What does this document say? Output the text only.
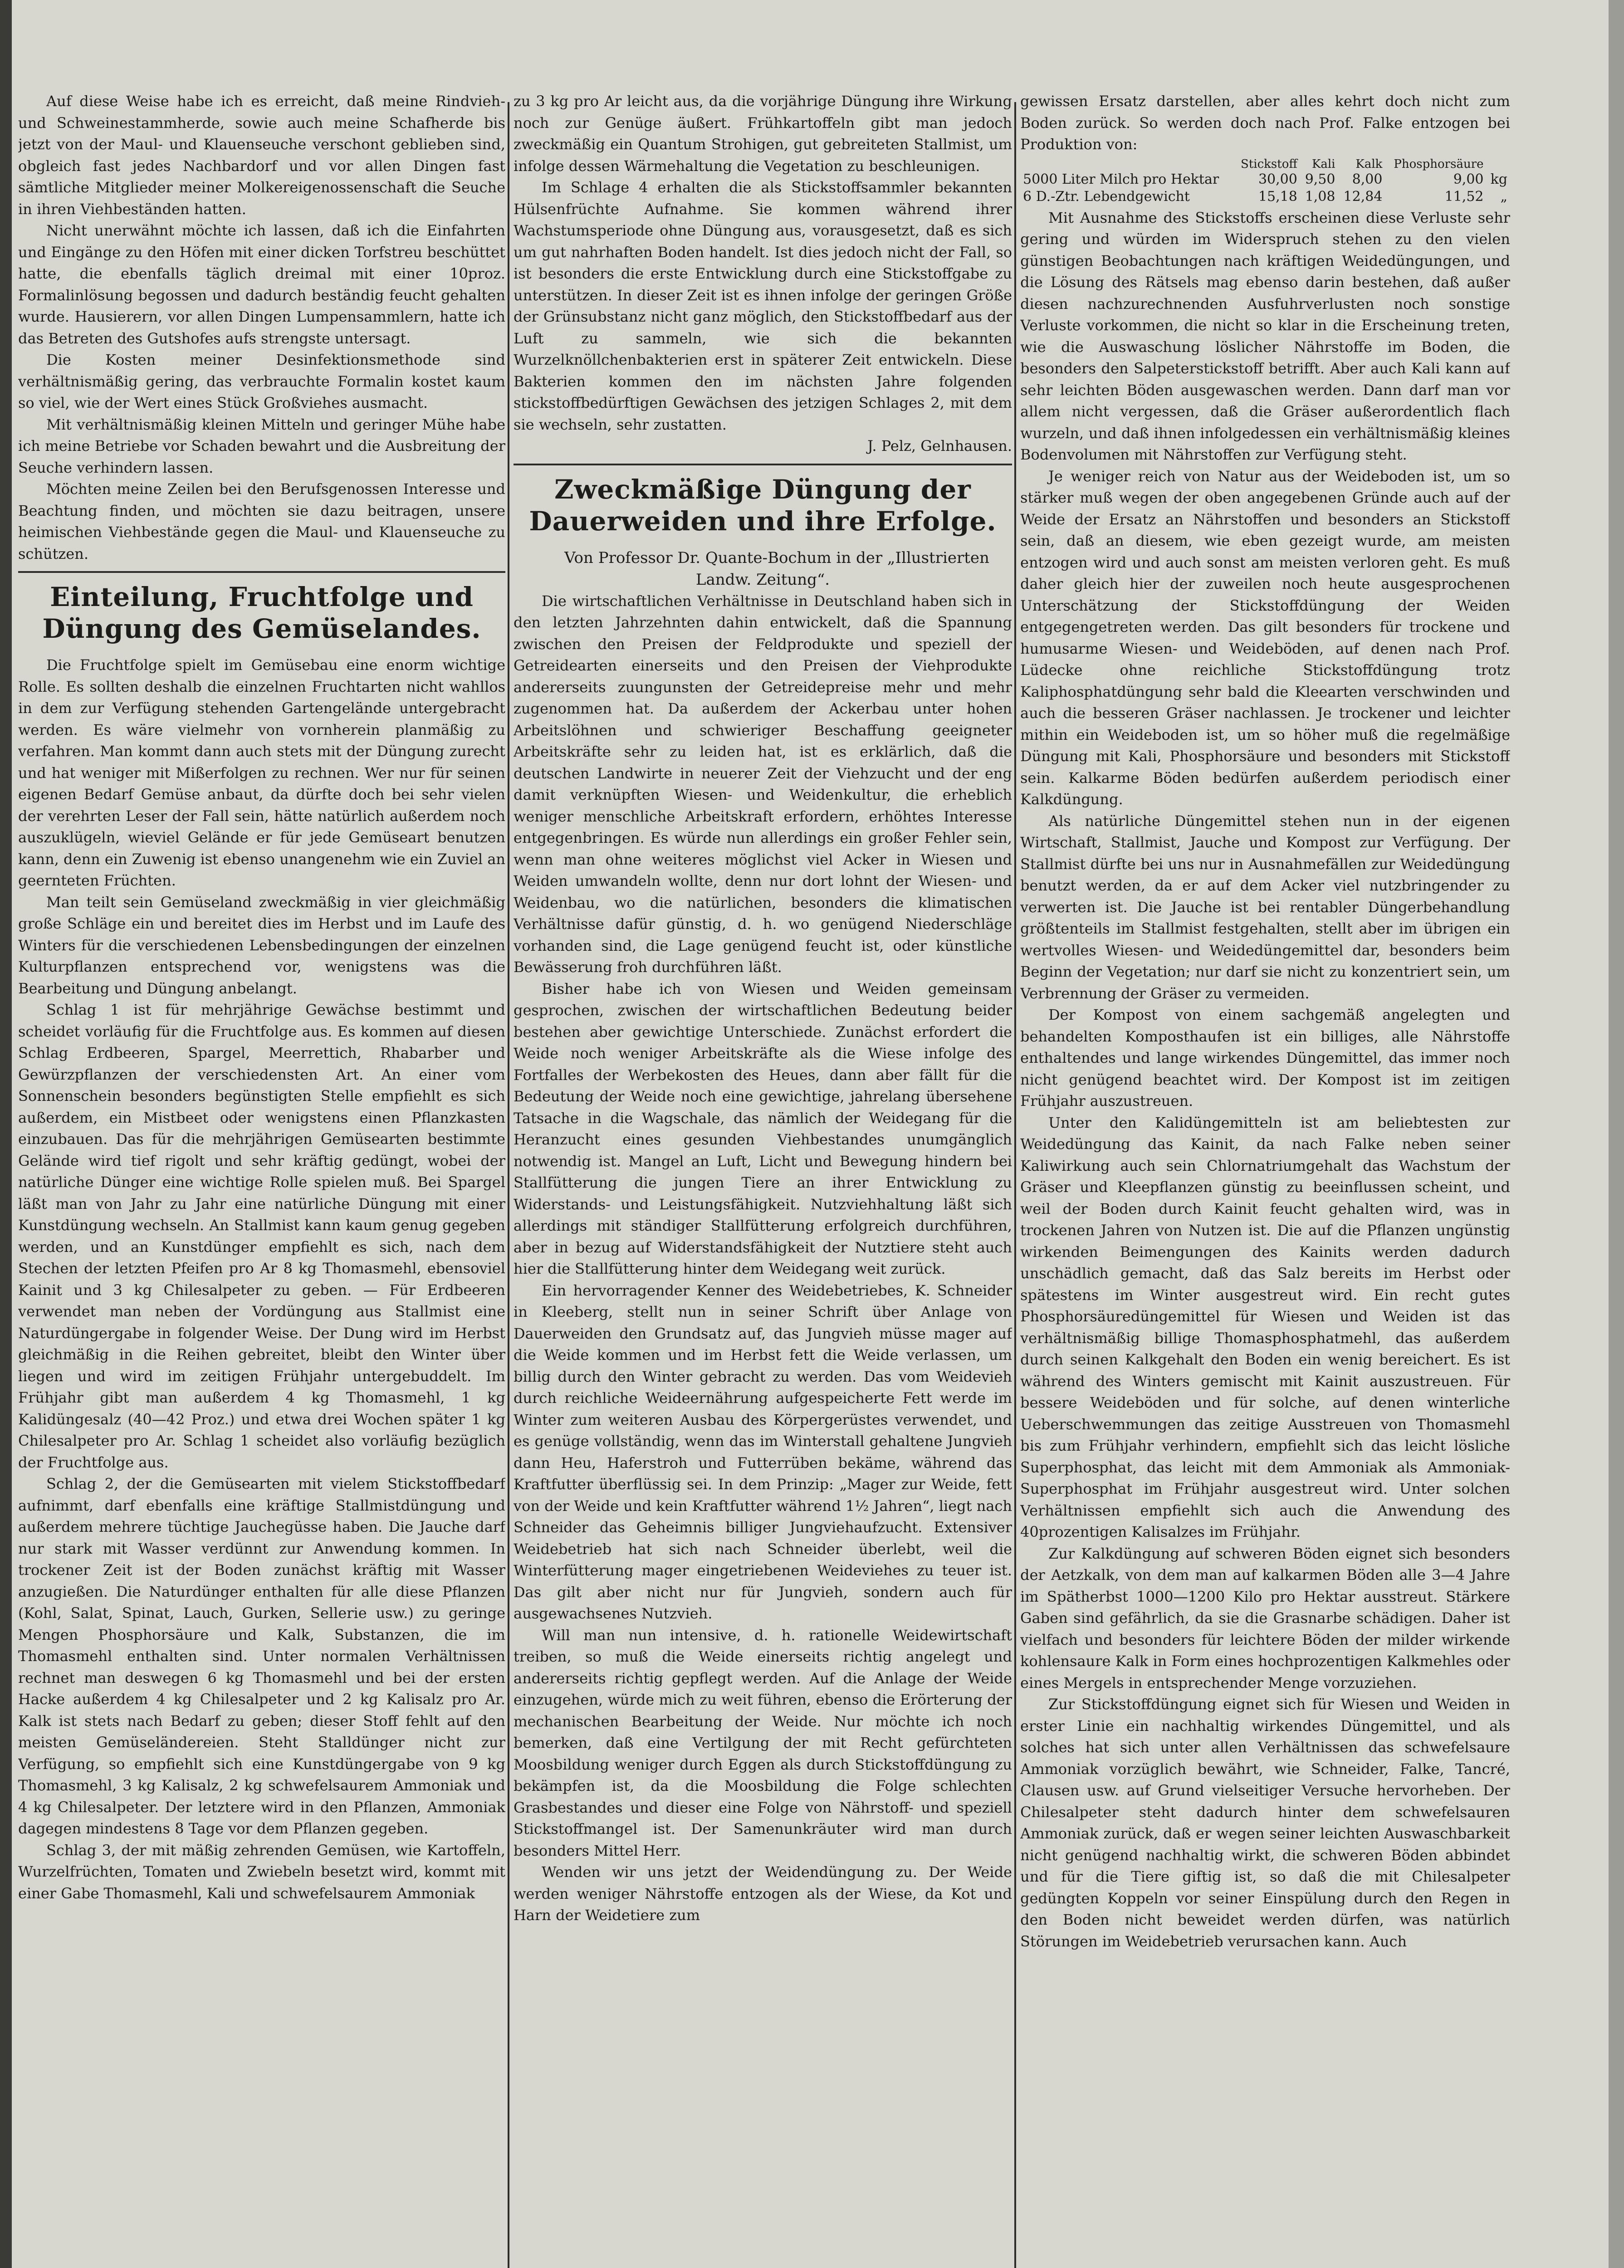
Auf diese Weise habe ich es erreicht, daß meine Rindvieh- und Schweinestammherde, sowie auch meine Schafherde bis jetzt von der Maul- und Klauenseuche verschont geblieben sind, obgleich fast jedes Nachbardorf und vor allen Dingen fast sämtliche Mitglieder meiner Molkereigenossenschaft die Seuche in ihren Viehbeständen hatten.

Nicht unerwähnt möchte ich lassen, daß ich die Einfahrten und Eingänge zu den Höfen mit einer dicken Torfstreu beschüttet hatte, die ebenfalls täglich dreimal mit einer 10proz. Formalinlösung begossen und dadurch beständig feucht gehalten wurde. Hausierern, vor allen Dingen Lumpensammlern, hatte ich das Betreten des Gutshofes aufs strengste untersagt.

Die Kosten meiner Desinfektionsmethode sind verhältnismäßig gering, das verbrauchte Formalin kostet kaum so viel, wie der Wert eines Stück Großviehes ausmacht.

Mit verhältnismäßig kleinen Mitteln und geringer Mühe habe ich meine Betriebe vor Schaden bewahrt und die Ausbreitung der Seuche verhindern lassen.

Möchten meine Zeilen bei den Berufsgenossen Interesse und Beachtung finden, und möchten sie dazu beitragen, unsere heimischen Viehbestände gegen die Maul- und Klauenseuche zu schützen.

Einteilung, Fruchtfolge und Düngung des Gemüselandes.

Die Fruchtfolge spielt im Gemüsebau eine enorm wichtige Rolle. Es sollten deshalb die einzelnen Fruchtarten nicht wahllos in dem zur Verfügung stehenden Gartengelände untergebracht werden. Es wäre vielmehr von vornherein planmäßig zu verfahren. Man kommt dann auch stets mit der Düngung zurecht und hat weniger mit Mißerfolgen zu rechnen. Wer nur für seinen eigenen Bedarf Gemüse anbaut, da dürfte doch bei sehr vielen der verehrten Leser der Fall sein, hätte natürlich außerdem noch auszuklügeln, wieviel Gelände er für jede Gemüseart benutzen kann, denn ein Zuwenig ist ebenso unangenehm wie ein Zuviel an geernteten Früchten.

Man teilt sein Gemüseland zweckmäßig in vier gleichmäßig große Schläge ein und bereitet dies im Herbst und im Laufe des Winters für die verschiedenen Lebensbedingungen der einzelnen Kulturpflanzen entsprechend vor, wenigstens was die Bearbeitung und Düngung anbelangt.

Schlag 1 ist für mehrjährige Gewächse bestimmt und scheidet vorläufig für die Fruchtfolge aus. Es kommen auf diesen Schlag Erdbeeren, Spargel, Meerrettich, Rhabarber und Gewürzpflanzen der verschiedensten Art. An einer vom Sonnenschein besonders begünstigten Stelle empfiehlt es sich außerdem, ein Mistbeet oder wenigstens einen Pflanzkasten einzubauen. Das für die mehrjährigen Gemüsearten bestimmte Gelände wird tief rigolt und sehr kräftig gedüngt, wobei der natürliche Dünger eine wichtige Rolle spielen muß. Bei Spargel läßt man von Jahr zu Jahr eine natürliche Düngung mit einer Kunstdüngung wechseln. An Stallmist kann kaum genug gegeben werden, und an Kunstdünger empfiehlt es sich, nach dem Stechen der letzten Pfeifen pro Ar 8 kg Thomasmehl, ebensoviel Kainit und 3 kg Chilesalpeter zu geben. — Für Erdbeeren verwendet man neben der Vordüngung aus Stallmist eine Naturdüngergabe in folgender Weise. Der Dung wird im Herbst gleichmäßig in die Reihen gebreitet, bleibt den Winter über liegen und wird im zeitigen Frühjahr untergebuddelt. Im Frühjahr gibt man außerdem 4 kg Thomasmehl, 1 kg Kalidüngesalz (40—42 Proz.) und etwa drei Wochen später 1 kg Chilesalpeter pro Ar. Schlag 1 scheidet also vorläufig bezüglich der Fruchtfolge aus.

Schlag 2, der die Gemüsearten mit vielem Stickstoffbedarf aufnimmt, darf ebenfalls eine kräftige Stallmistdüngung und außerdem mehrere tüchtige Jauchegüsse haben. Die Jauche darf nur stark mit Wasser verdünnt zur Anwendung kommen. In trockener Zeit ist der Boden zunächst kräftig mit Wasser anzugießen. Die Naturdünger enthalten für alle diese Pflanzen (Kohl, Salat, Spinat, Lauch, Gurken, Sellerie usw.) zu geringe Mengen Phosphorsäure und Kalk, Substanzen, die im Thomasmehl enthalten sind. Unter normalen Verhältnissen rechnet man deswegen 6 kg Thomasmehl und bei der ersten Hacke außerdem 4 kg Chilesalpeter und 2 kg Kalisalz pro Ar. Kalk ist stets nach Bedarf zu geben; dieser Stoff fehlt auf den meisten Gemüseländereien. Steht Stalldünger nicht zur Verfügung, so empfiehlt sich eine Kunstdüngergabe von 9 kg Thomasmehl, 3 kg Kalisalz, 2 kg schwefelsaurem Ammoniak und 4 kg Chilesalpeter. Der letztere wird in den Pflanzen, Ammoniak dagegen mindestens 8 Tage vor dem Pflanzen gegeben.

Schlag 3, der mit mäßig zehrenden Gemüsen, wie Kartoffeln, Wurzelfrüchten, Tomaten und Zwiebeln besetzt wird, kommt mit einer Gabe Thomasmehl, Kali und schwefelsaurem Ammoniak

zu 3 kg pro Ar leicht aus, da die vorjährige Düngung ihre Wirkung noch zur Genüge äußert. Frühkartoffeln gibt man jedoch zweckmäßig ein Quantum Strohigen, gut gebreiteten Stallmist, um infolge dessen Wärmehaltung die Vegetation zu beschleunigen.

Im Schlage 4 erhalten die als Stickstoffsammler bekannten Hülsenfrüchte Aufnahme. Sie kommen während ihrer Wachstumsperiode ohne Düngung aus, vorausgesetzt, daß es sich um gut nahrhaften Boden handelt. Ist dies jedoch nicht der Fall, so ist besonders die erste Entwicklung durch eine Stickstoffgabe zu unterstützen. In dieser Zeit ist es ihnen infolge der geringen Größe der Grünsubstanz nicht ganz möglich, den Stickstoffbedarf aus der Luft zu sammeln, wie sich die bekannten Wurzelknöllchenbakterien erst in späterer Zeit entwickeln. Diese Bakterien kommen den im nächsten Jahre folgenden stickstoffbedürftigen Gewächsen des jetzigen Schlages 2, mit dem sie wechseln, sehr zustatten.

J. Pelz, Gelnhausen.

Zweckmäßige Düngung der Dauerweiden und ihre Erfolge.

Von Professor Dr. Quante-Bochum in der „Illustrierten Landw. Zeitung“.

Die wirtschaftlichen Verhältnisse in Deutschland haben sich in den letzten Jahrzehnten dahin entwickelt, daß die Spannung zwischen den Preisen der Feldprodukte und speziell der Getreidearten einerseits und den Preisen der Viehprodukte andererseits zuungunsten der Getreidepreise mehr und mehr zugenommen hat. Da außerdem der Ackerbau unter hohen Arbeitslöhnen und schwieriger Beschaffung geeigneter Arbeitskräfte sehr zu leiden hat, ist es erklärlich, daß die deutschen Landwirte in neuerer Zeit der Viehzucht und der eng damit verknüpften Wiesen- und Weidenkultur, die erheblich weniger menschliche Arbeitskraft erfordern, erhöhtes Interesse entgegenbringen. Es würde nun allerdings ein großer Fehler sein, wenn man ohne weiteres möglichst viel Acker in Wiesen und Weiden umwandeln wollte, denn nur dort lohnt der Wiesen- und Weidenbau, wo die natürlichen, besonders die klimatischen Verhältnisse dafür günstig, d. h. wo genügend Niederschläge vorhanden sind, die Lage genügend feucht ist, oder künstliche Bewässerung froh durchführen läßt.

Bisher habe ich von Wiesen und Weiden gemeinsam gesprochen, zwischen der wirtschaftlichen Bedeutung beider bestehen aber gewichtige Unterschiede. Zunächst erfordert die Weide noch weniger Arbeitskräfte als die Wiese infolge des Fortfalles der Werbekosten des Heues, dann aber fällt für die Bedeutung der Weide noch eine gewichtige, jahrelang übersehene Tatsache in die Wagschale, das nämlich der Weidegang für die Heranzucht eines gesunden Viehbestandes unumgänglich notwendig ist. Mangel an Luft, Licht und Bewegung hindern bei Stallfütterung die jungen Tiere an ihrer Entwicklung zu Widerstands- und Leistungsfähigkeit. Nutzviehhaltung läßt sich allerdings mit ständiger Stallfütterung erfolgreich durchführen, aber in bezug auf Widerstandsfähigkeit der Nutztiere steht auch hier die Stallfütterung hinter dem Weidegang weit zurück.

Ein hervorragender Kenner des Weidebetriebes, K. Schneider in Kleeberg, stellt nun in seiner Schrift über Anlage von Dauerweiden den Grundsatz auf, das Jungvieh müsse mager auf die Weide kommen und im Herbst fett die Weide verlassen, um billig durch den Winter gebracht zu werden. Das vom Weidevieh durch reichliche Weideernährung aufgespeicherte Fett werde im Winter zum weiteren Ausbau des Körpergerüstes verwendet, und es genüge vollständig, wenn das im Winterstall gehaltene Jungvieh dann Heu, Haferstroh und Futterrüben bekäme, während das Kraftfutter überflüssig sei. In dem Prinzip: „Mager zur Weide, fett von der Weide und kein Kraftfutter während 1½ Jahren“, liegt nach Schneider das Geheimnis billiger Jungviehaufzucht. Extensiver Weidebetrieb hat sich nach Schneider überlebt, weil die Winterfütterung mager eingetriebenen Weideviehes zu teuer ist. Das gilt aber nicht nur für Jungvieh, sondern auch für ausgewachsenes Nutzvieh.

Will man nun intensive, d. h. rationelle Weidewirtschaft treiben, so muß die Weide einerseits richtig angelegt und andererseits richtig gepflegt werden. Auf die Anlage der Weide einzugehen, würde mich zu weit führen, ebenso die Erörterung der mechanischen Bearbeitung der Weide. Nur möchte ich noch bemerken, daß eine Vertilgung der mit Recht gefürchteten Moosbildung weniger durch Eggen als durch Stickstoffdüngung zu bekämpfen ist, da die Moosbildung die Folge schlechten Grasbestandes und dieser eine Folge von Nährstoff- und speziell Stickstoffmangel ist. Der Samenunkräuter wird man durch besonders Mittel Herr.

Wenden wir uns jetzt der Weidendüngung zu. Der Weide werden weniger Nährstoffe entzogen als der Wiese, da Kot und Harn der Weidetiere zum

gewissen Ersatz darstellen, aber alles kehrt doch nicht zum Boden zurück. So werden doch nach Prof. Falke entzogen bei Produktion von:

	Stickstoff	Kali	Kalk	Phosphorsäure	
5000 Liter Milch pro Hektar	30,00	9,50	8,00	9,00	kg
6 D.-Ztr. Lebendgewicht	15,18	1,08	12,84	11,52	„

Mit Ausnahme des Stickstoffs erscheinen diese Verluste sehr gering und würden im Widerspruch stehen zu den vielen günstigen Beobachtungen nach kräftigen Weidedüngungen, und die Lösung des Rätsels mag ebenso darin bestehen, daß außer diesen nachzurechnenden Ausfuhrverlusten noch sonstige Verluste vorkommen, die nicht so klar in die Erscheinung treten, wie die Auswaschung löslicher Nährstoffe im Boden, die besonders den Salpeterstickstoff betrifft. Aber auch Kali kann auf sehr leichten Böden ausgewaschen werden. Dann darf man vor allem nicht vergessen, daß die Gräser außerordentlich flach wurzeln, und daß ihnen infolgedessen ein verhältnismäßig kleines Bodenvolumen mit Nährstoffen zur Verfügung steht.

Je weniger reich von Natur aus der Weideboden ist, um so stärker muß wegen der oben angegebenen Gründe auch auf der Weide der Ersatz an Nährstoffen und besonders an Stickstoff sein, daß an diesem, wie eben gezeigt wurde, am meisten entzogen wird und auch sonst am meisten verloren geht. Es muß daher gleich hier der zuweilen noch heute ausgesprochenen Unterschätzung der Stickstoffdüngung der Weiden entgegengetreten werden. Das gilt besonders für trockene und humusarme Wiesen- und Weideböden, auf denen nach Prof. Lüdecke ohne reichliche Stickstoffdüngung trotz Kaliphosphatdüngung sehr bald die Kleearten verschwinden und auch die besseren Gräser nachlassen. Je trockener und leichter mithin ein Weideboden ist, um so höher muß die regelmäßige Düngung mit Kali, Phosphorsäure und besonders mit Stickstoff sein. Kalkarme Böden bedürfen außerdem periodisch einer Kalkdüngung.

Als natürliche Düngemittel stehen nun in der eigenen Wirtschaft, Stallmist, Jauche und Kompost zur Verfügung. Der Stallmist dürfte bei uns nur in Ausnahmefällen zur Weidedüngung benutzt werden, da er auf dem Acker viel nutzbringender zu verwerten ist. Die Jauche ist bei rentabler Düngerbehandlung größtenteils im Stallmist festgehalten, stellt aber im übrigen ein wertvolles Wiesen- und Weidedüngemittel dar, besonders beim Beginn der Vegetation; nur darf sie nicht zu konzentriert sein, um Verbrennung der Gräser zu vermeiden.

Der Kompost von einem sachgemäß angelegten und behandelten Komposthaufen ist ein billiges, alle Nährstoffe enthaltendes und lange wirkendes Düngemittel, das immer noch nicht genügend beachtet wird. Der Kompost ist im zeitigen Frühjahr auszustreuen.

Unter den Kalidüngemitteln ist am beliebtesten zur Weidedüngung das Kainit, da nach Falke neben seiner Kaliwirkung auch sein Chlornatriumgehalt das Wachstum der Gräser und Kleepflanzen günstig zu beeinflussen scheint, und weil der Boden durch Kainit feucht gehalten wird, was in trockenen Jahren von Nutzen ist. Die auf die Pflanzen ungünstig wirkenden Beimengungen des Kainits werden dadurch unschädlich gemacht, daß das Salz bereits im Herbst oder spätestens im Winter ausgestreut wird. Ein recht gutes Phosphorsäuredüngemittel für Wiesen und Weiden ist das verhältnismäßig billige Thomasphosphatmehl, das außerdem durch seinen Kalkgehalt den Boden ein wenig bereichert. Es ist während des Winters gemischt mit Kainit auszustreuen. Für bessere Weideböden und für solche, auf denen winterliche Ueberschwemmungen das zeitige Ausstreuen von Thomasmehl bis zum Frühjahr verhindern, empfiehlt sich das leicht lösliche Superphosphat, das leicht mit dem Ammoniak als Ammoniak-Superphosphat im Frühjahr ausgestreut wird. Unter solchen Verhältnissen empfiehlt sich auch die Anwendung des 40prozentigen Kalisalzes im Frühjahr.

Zur Kalkdüngung auf schweren Böden eignet sich besonders der Aetzkalk, von dem man auf kalkarmen Böden alle 3—4 Jahre im Spätherbst 1000—1200 Kilo pro Hektar ausstreut. Stärkere Gaben sind gefährlich, da sie die Grasnarbe schädigen. Daher ist vielfach und besonders für leichtere Böden der milder wirkende kohlensaure Kalk in Form eines hochprozentigen Kalkmehles oder eines Mergels in entsprechender Menge vorzuziehen.

Zur Stickstoffdüngung eignet sich für Wiesen und Weiden in erster Linie ein nachhaltig wirkendes Düngemittel, und als solches hat sich unter allen Verhältnissen das schwefelsaure Ammoniak vorzüglich bewährt, wie Schneider, Falke, Tancré, Clausen usw. auf Grund vielseitiger Versuche hervorheben. Der Chilesalpeter steht dadurch hinter dem schwefelsauren Ammoniak zurück, daß er wegen seiner leichten Auswaschbarkeit nicht genügend nachhaltig wirkt, die schweren Böden abbindet und für die Tiere giftig ist, so daß die mit Chilesalpeter gedüngten Koppeln vor seiner Einspülung durch den Regen in den Boden nicht beweidet werden dürfen, was natürlich Störungen im Weidebetrieb verursachen kann. Auch
